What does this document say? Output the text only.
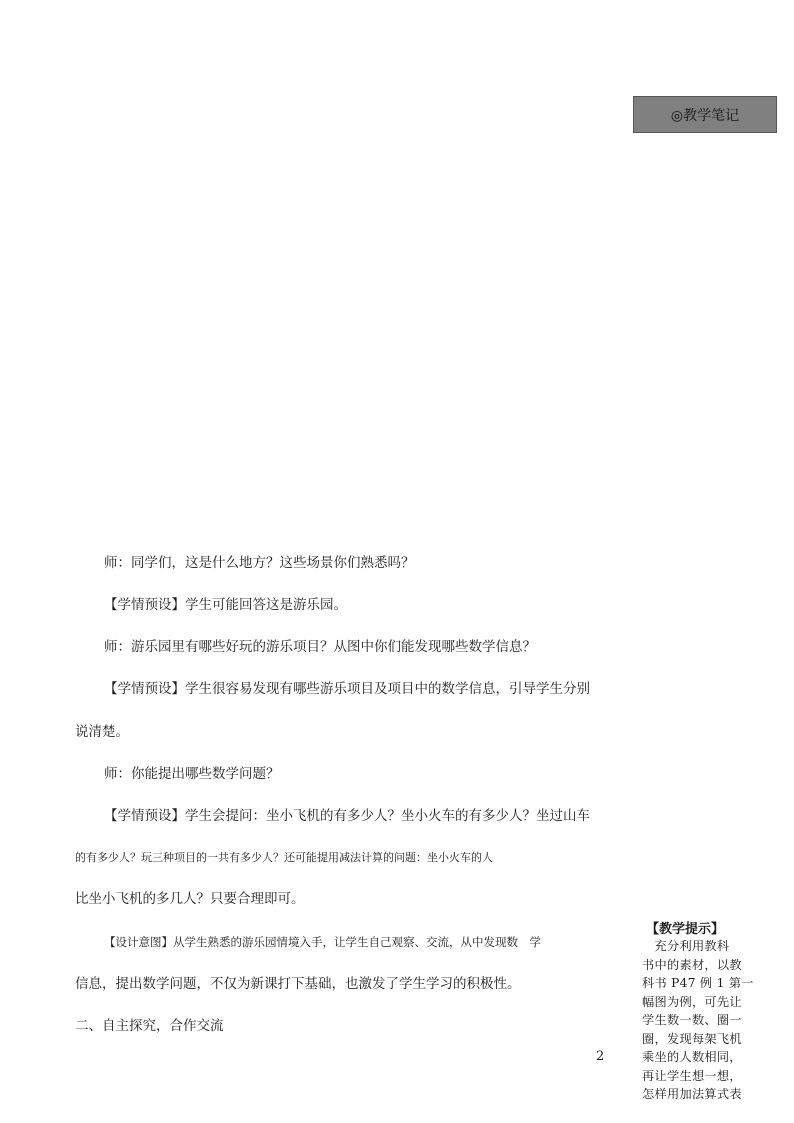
◎教学笔记
师：同学们，这是什么地方？这些场景你们熟悉吗？
【学情预设】学生可能回答这是游乐园。
师：游乐园里有哪些好玩的游乐项目？从图中你们能发现哪些数学信息？
【学情预设】学生很容易发现有哪些游乐项目及项目中的数学信息，引导学生分别
说清楚。
师：你能提出哪些数学问题？
【学情预设】学生会提问：坐小飞机的有多少人？坐小火车的有多少人？坐过山车
的有多少人？玩三种项目的一共有多少人？还可能提用减法计算的问题：坐小火车的人
比坐小飞机的多几人？只要合理即可。
【设计意图】从学生熟悉的游乐园情境入手，让学生自己观察、交流，从中发现数　学
信息，提出数学问题，不仅为新课打下基础，也激发了学生学习的积极性。
二、自主探究，合作交流
【教学提示】
　充分利用教科
书中的素材，以教
科书 P47 例 1 第一
幅图为例，可先让
学生数一数、圈一
圈，发现每架飞机
乘坐的人数相同，
再让学生想一想，
怎样用加法算式表
2
